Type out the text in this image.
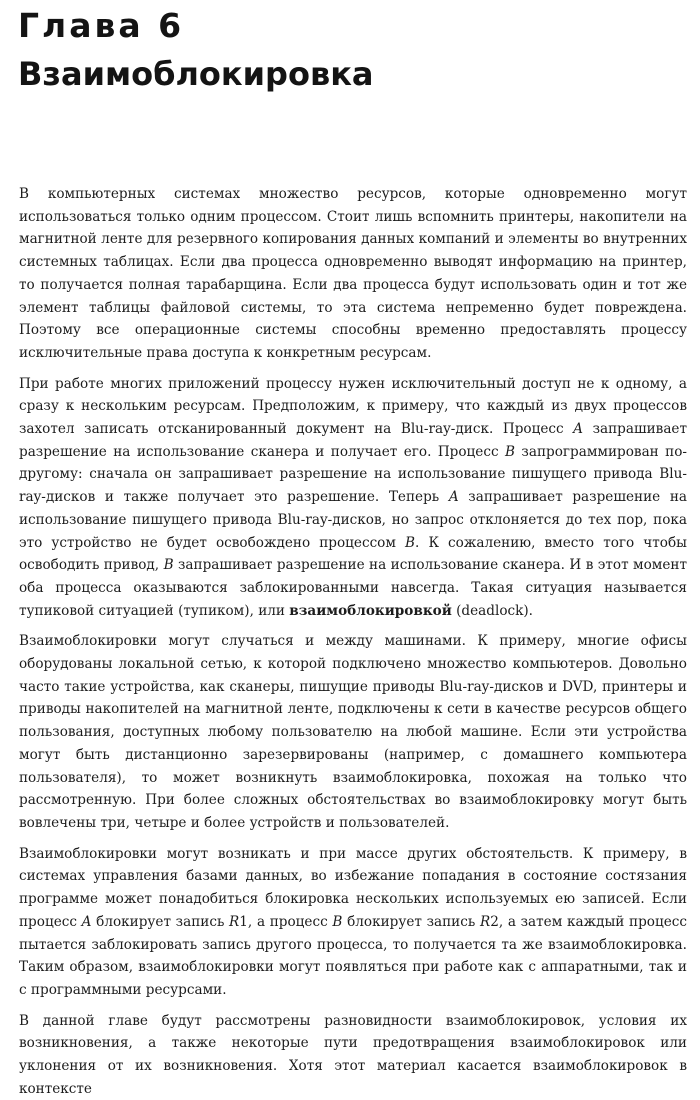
Глава 6
Взаимоблокировка

В компьютерных системах множество ресурсов, которые одновременно могут использоваться только одним процессом. Стоит лишь вспомнить принтеры, накопители на магнитной ленте для резервного копирования данных компаний и элементы во внутренних системных таблицах. Если два процесса одновременно выводят информацию на принтер, то получается полная тарабарщина. Если два процесса будут использовать один и тот же элемент таблицы файловой системы, то эта система непременно будет повреждена. Поэтому все операционные системы способны временно предоставлять процессу исключительные права доступа к конкретным ресурсам.

При работе многих приложений процессу нужен исключительный доступ не к одному, а сразу к нескольким ресурсам. Предположим, к примеру, что каждый из двух процессов захотел записать отсканированный документ на Blu-ray-диск. Процесс A запрашивает разрешение на использование сканера и получает его. Процесс B запрограммирован по-другому: сначала он запрашивает разрешение на использование пишущего привода Blu-ray-дисков и также получает это разрешение. Теперь A запрашивает разрешение на использование пишущего привода Blu-ray-дисков, но запрос отклоняется до тех пор, пока это устройство не будет освобождено процессом B. К сожалению, вместо того чтобы освободить привод, B запрашивает разрешение на использование сканера. И в этот момент оба процесса оказываются заблокированными навсегда. Такая ситуация называется тупиковой ситуацией (тупиком), или взаимоблокировкой (deadlock).

Взаимоблокировки могут случаться и между машинами. К примеру, многие офисы оборудованы локальной сетью, к которой подключено множество компьютеров. Довольно часто такие устройства, как сканеры, пишущие приводы Blu-ray-дисков и DVD, принтеры и приводы накопителей на магнитной ленте, подключены к сети в качестве ресурсов общего пользования, доступных любому пользователю на любой машине. Если эти устройства могут быть дистанционно зарезервированы (например, с домашнего компьютера пользователя), то может возникнуть взаимоблокировка, похожая на только что рассмотренную. При более сложных обстоятельствах во взаимоблокировку могут быть вовлечены три, четыре и более устройств и пользователей.

Взаимоблокировки могут возникать и при массе других обстоятельств. К примеру, в системах управления базами данных, во избежание попадания в состояние состязания программе может понадобиться блокировка нескольких используемых ею записей. Если процесс A блокирует запись R1, а процесс B блокирует запись R2, а затем каждый процесс пытается заблокировать запись другого процесса, то получается та же взаимоблокировка. Таким образом, взаимоблокировки могут появляться при работе как с аппаратными, так и с программными ресурсами.

В данной главе будут рассмотрены разновидности взаимоблокировок, условия их возникновения, а также некоторые пути предотвращения взаимоблокировок или уклонения от их возникновения. Хотя этот материал касается взаимоблокировок в контексте
